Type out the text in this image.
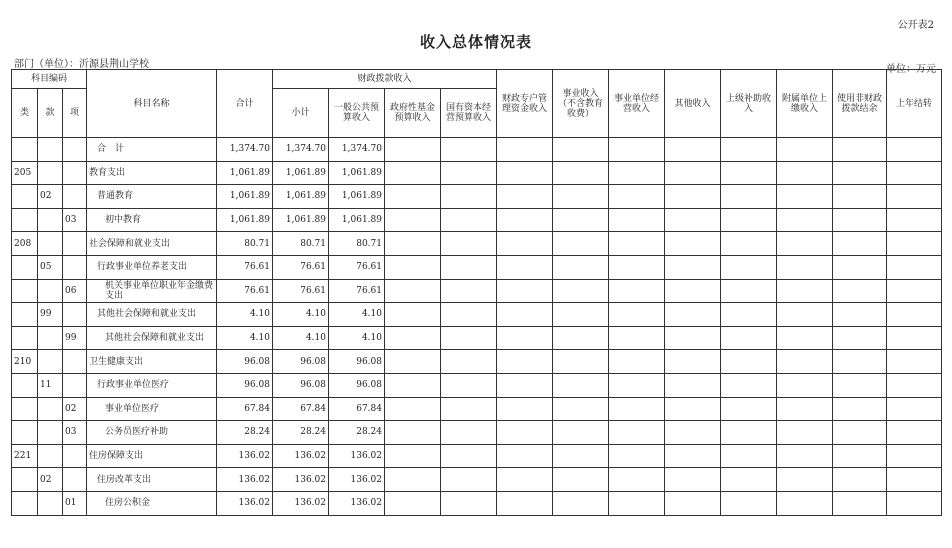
公开表2
收入总体情况表
部门（单位）：沂源县荆山学校	单位：万元
科目编码			科目名称	合计	财政拨款收入				财政专户管理资金收入	事业收入（不含教育收费）	事业单位经营收入	其他收入	上级补助收入	附属单位上缴收入	使用非财政拨款结余	上年结转
类	款	项			小计	一般公共预算收入	政府性基金预算收入	国有资本经营预算收入								

			合　计	1,374.70	1,374.70	1,374.70										
205			教育支出	1,061.89	1,061.89	1,061.89										
	02		普通教育	1,061.89	1,061.89	1,061.89										
		03	初中教育	1,061.89	1,061.89	1,061.89										
208			社会保障和就业支出	80.71	80.71	80.71										
	05		行政事业单位养老支出	76.61	76.61	76.61										
		06	机关事业单位职业年金缴费支出	76.61	76.61	76.61										
	99		其他社会保障和就业支出	4.10	4.10	4.10										
		99	其他社会保障和就业支出	4.10	4.10	4.10										
210			卫生健康支出	96.08	96.08	96.08										
	11		行政事业单位医疗	96.08	96.08	96.08										
		02	事业单位医疗	67.84	67.84	67.84										
		03	公务员医疗补助	28.24	28.24	28.24										
221			住房保障支出	136.02	136.02	136.02										
	02		住房改革支出	136.02	136.02	136.02										
		01	住房公积金	136.02	136.02	136.02										
